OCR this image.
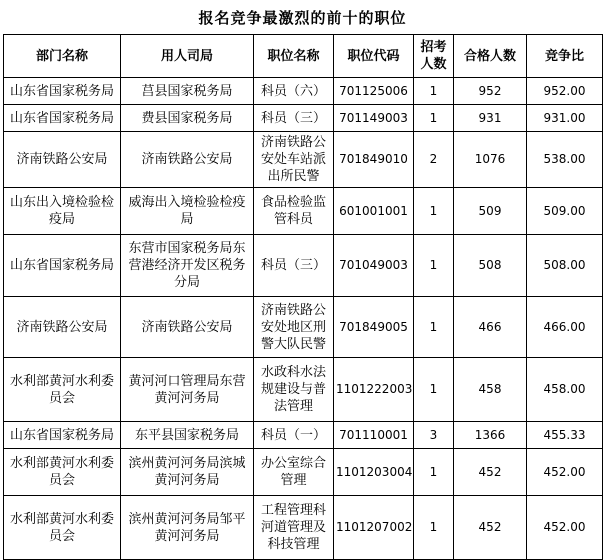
报名竞争最激烈的前十的职位
部门名称	用人司局	职位名称	职位代码	招考人数	合格人数	竞争比
山东省国家税务局	莒县国家税务局	科员（六）	701125006	1	952	952.00
山东省国家税务局	费县国家税务局	科员（三）	701149003	1	931	931.00
济南铁路公安局	济南铁路公安局	济南铁路公安处车站派出所民警	701849010	2	1076	538.00
山东出入境检验检疫局	威海出入境检验检疫局	食品检验监管科员	601001001	1	509	509.00
山东省国家税务局	东营市国家税务局东营港经济开发区税务分局	科员（三）	701049003	1	508	508.00
济南铁路公安局	济南铁路公安局	济南铁路公安处地区刑警大队民警	701849005	1	466	466.00
水利部黄河水利委员会	黄河河口管理局东营黄河河务局	水政科水法规建设与普法管理	1101222003	1	458	458.00
山东省国家税务局	东平县国家税务局	科员（一）	701110001	3	1366	455.33
水利部黄河水利委员会	滨州黄河河务局滨城黄河河务局	办公室综合管理	1101203004	1	452	452.00
水利部黄河水利委员会	滨州黄河河务局邹平黄河河务局	工程管理科河道管理及科技管理	1101207002	1	452	452.00
